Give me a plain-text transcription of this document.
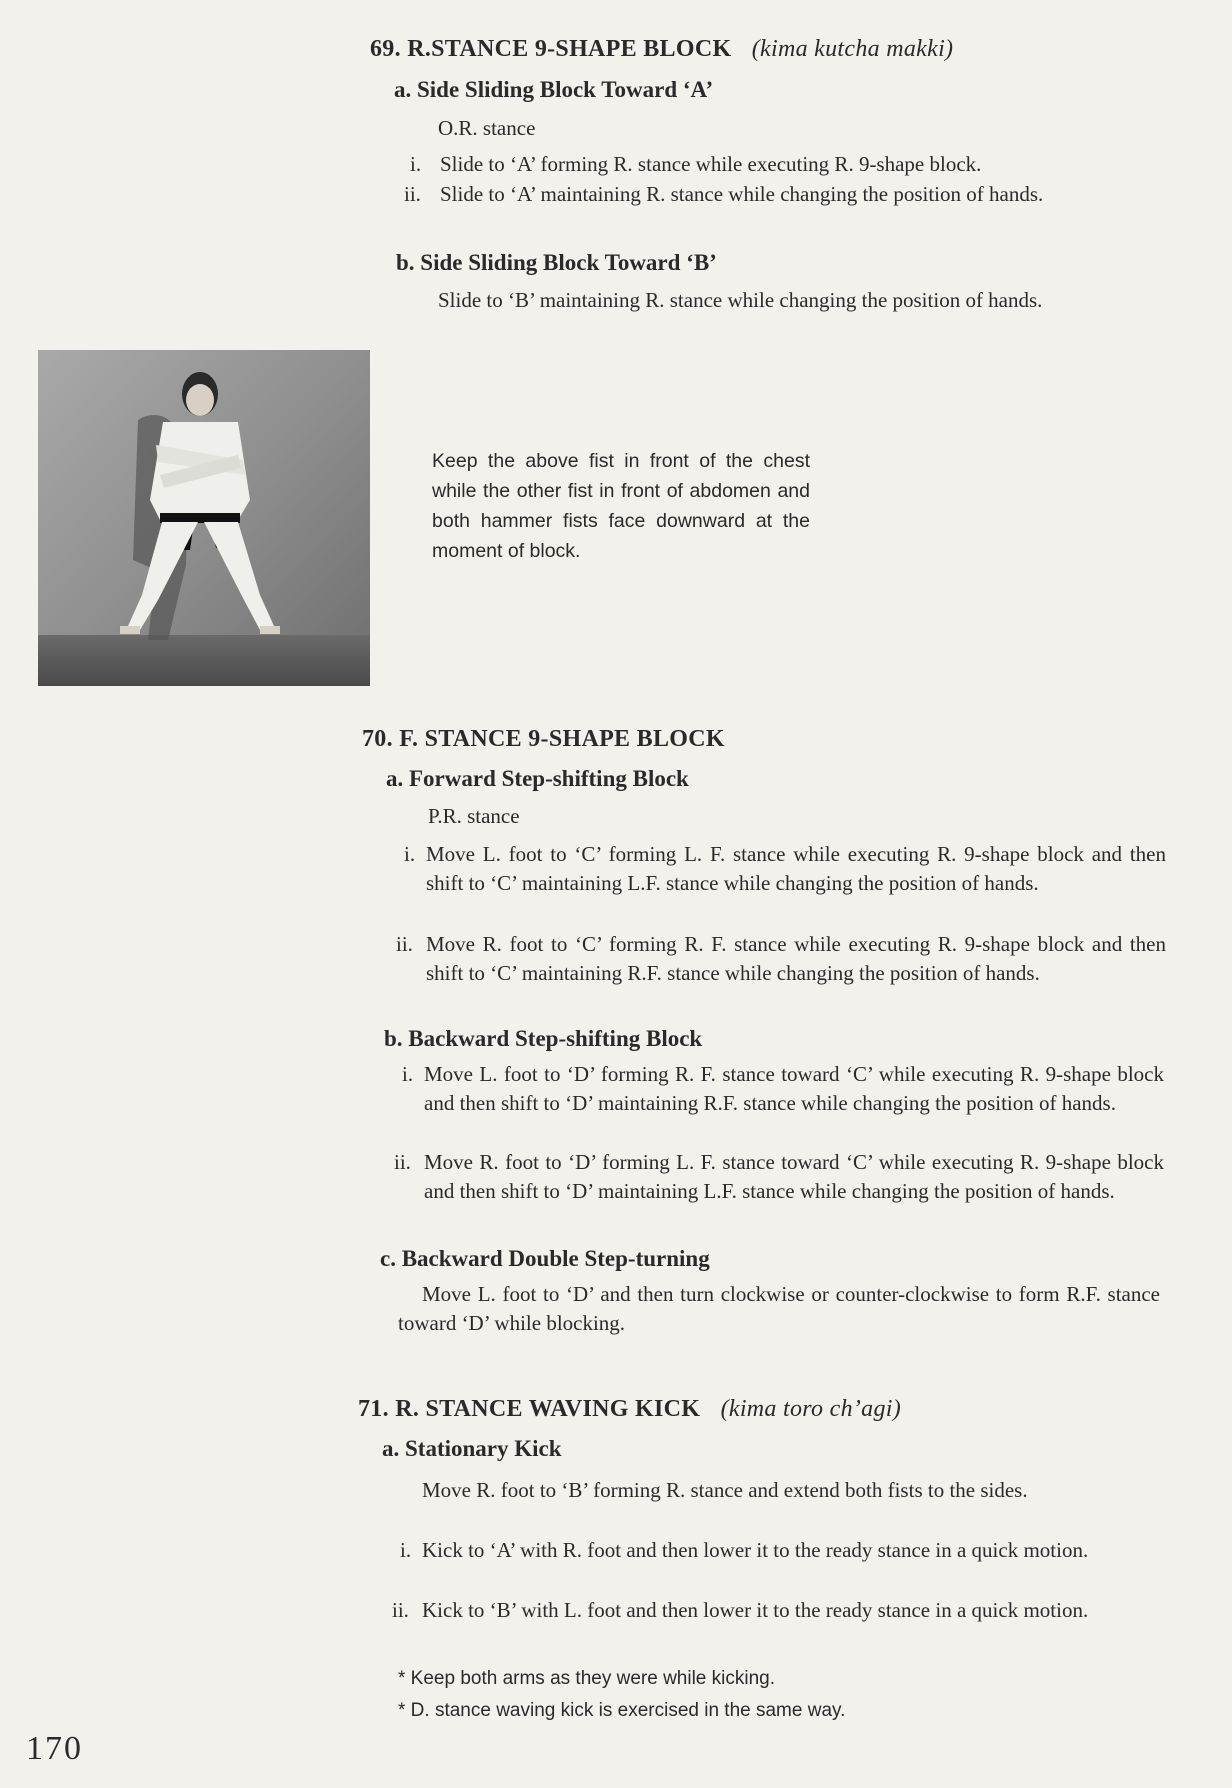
69. R.STANCE 9-SHAPE BLOCK (kima kutcha makki)
a. Side Sliding Block Toward ‘A’
O.R. stance
i. Slide to ‘A’ forming R. stance while executing R. 9-shape block.
ii. Slide to ‘A’ maintaining R. stance while changing the position of hands.
b. Side Sliding Block Toward ‘B’
Slide to ‘B’ maintaining R. stance while changing the position of hands.
Keep the above fist in front of the chest while the other fist in front of abdomen and both hammer fists face downward at the moment of block.
70. F. STANCE 9-SHAPE BLOCK
a. Forward Step-shifting Block
P.R. stance
i. Move L. foot to ‘C’ forming L. F. stance while executing R. 9-shape block and then shift to ‘C’ maintaining L.F. stance while changing the position of hands.
ii. Move R. foot to ‘C’ forming R. F. stance while executing R. 9-shape block and then shift to ‘C’ maintaining R.F. stance while changing the position of hands.
b. Backward Step-shifting Block
i. Move L. foot to ‘D’ forming R. F. stance toward ‘C’ while executing R. 9-shape block and then shift to ‘D’ maintaining R.F. stance while changing the position of hands.
ii. Move R. foot to ‘D’ forming L. F. stance toward ‘C’ while executing R. 9-shape block and then shift to ‘D’ maintaining L.F. stance while changing the position of hands.
c. Backward Double Step-turning
Move L. foot to ‘D’ and then turn clockwise or counter-clockwise to form R.F. stance toward ‘D’ while blocking.
71. R. STANCE WAVING KICK (kima toro ch’agi)
a. Stationary Kick
Move R. foot to ‘B’ forming R. stance and extend both fists to the sides.
i. Kick to ‘A’ with R. foot and then lower it to the ready stance in a quick motion.
ii. Kick to ‘B’ with L. foot and then lower it to the ready stance in a quick motion.
* Keep both arms as they were while kicking.
* D. stance waving kick is exercised in the same way.
170
